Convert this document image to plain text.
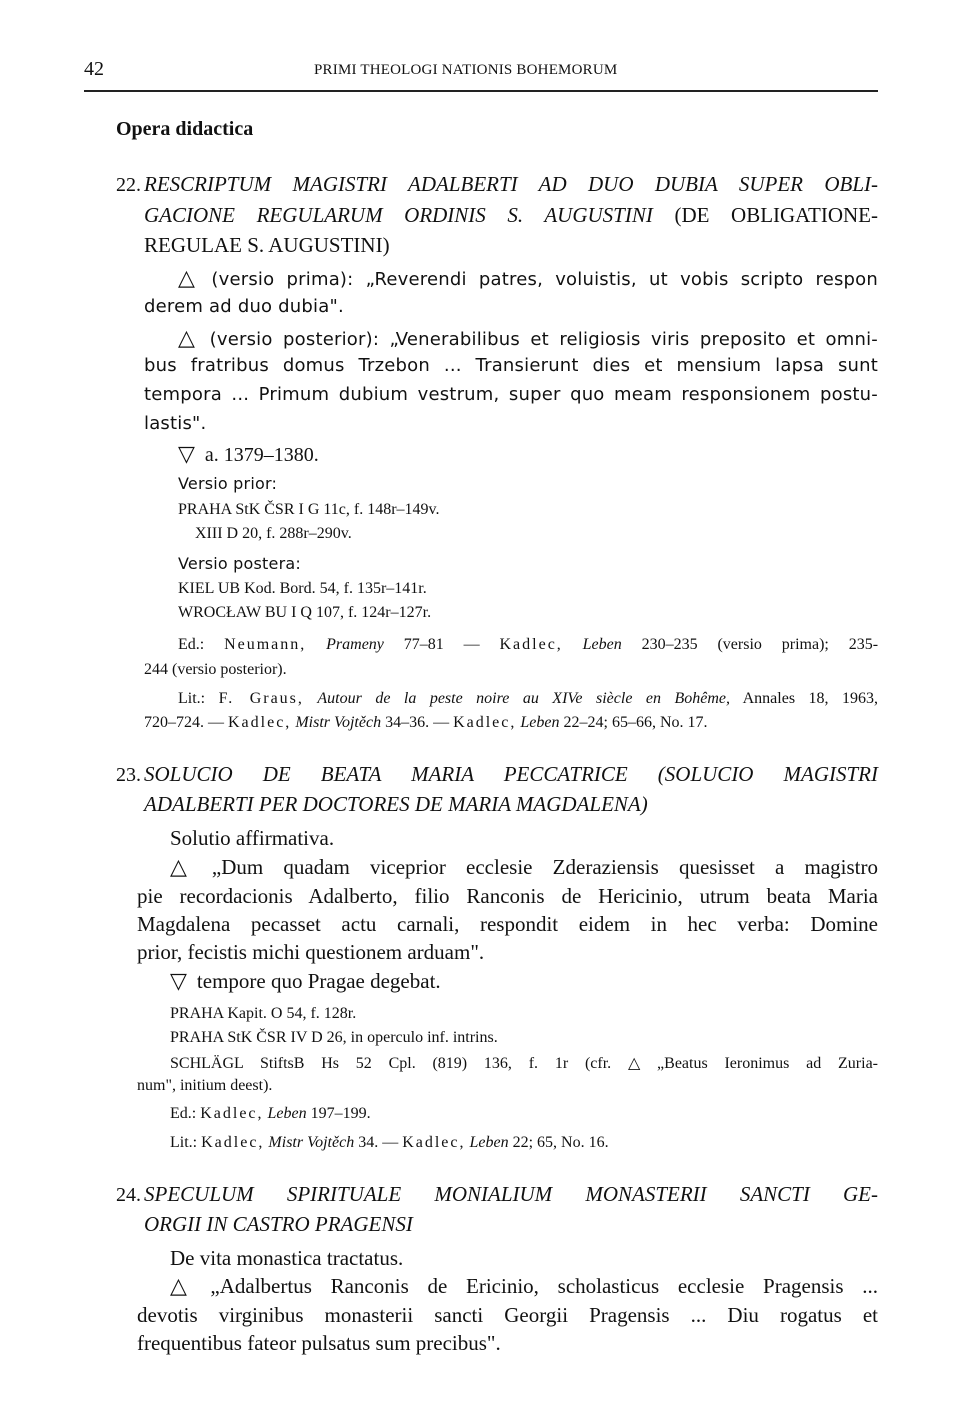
42	PRIMI THEOLOGI NATIONIS BOHEMORUM
Opera didactica
22. RESCRIPTUM MAGISTRI ADALBERTI AD DUO DUBIA SUPER OBLI-
GACIONE REGULARUM ORDINIS S. AUGUSTINI (DE OBLIGATIONE-
REGULAE S. AUGUSTINI)
△ (versio prima): „Reverendi patres, voluistis, ut vobis scripto respon
derem ad duo dubia".
△ (versio posterior): „Venerabilibus et religiosis viris preposito et omni-
bus fratribus domus Trzebon ... Transierunt dies et mensium lapsa sunt
tempora ... Primum dubium vestrum, super quo meam responsionem postu-
lastis".
▽ a. 1379–1380.
Versio prior:
PRAHA StK ČSR I G 11c, f. 148r–149v.
XIII D 20, f. 288r–290v.
Versio postera:
KIEL UB Kod. Bord. 54, f. 135r–141r.
WROCŁAW BU I Q 107, f. 124r–127r.
Ed.: Neumann, Prameny 77–81 — Kadlec, Leben 230–235 (versio prima); 235-
244 (versio posterior).
Lit.: F. Graus, Autour de la peste noire au XIVe siècle en Bohême, Annales 18, 1963,
720–724. — Kadlec, Mistr Vojtěch 34–36. — Kadlec, Leben 22–24; 65–66, No. 17.
23. SOLUCIO DE BEATA MARIA PECCATRICE (SOLUCIO MAGISTRI
ADALBERTI PER DOCTORES DE MARIA MAGDALENA)
Solutio affirmativa.
△ „Dum quadam viceprior ecclesie Zderaziensis quesisset a magistro
pie recordacionis Adalberto, filio Ranconis de Hericinio, utrum beata Maria
Magdalena pecasset actu carnali, respondit eidem in hec verba: Domine
prior, fecistis michi questionem arduam".
▽ tempore quo Pragae degebat.
PRAHA Kapit. O 54, f. 128r.
PRAHA StK ČSR IV D 26, in operculo inf. intrins.
SCHLÄGL StiftsB Hs 52 Cpl. (819) 136, f. 1r (cfr. △ „Beatus Ieronimus ad Zuria-
num", initium deest).
Ed.: Kadlec, Leben 197–199.
Lit.: Kadlec, Mistr Vojtěch 34. — Kadlec, Leben 22; 65, No. 16.
24. SPECULUM SPIRITUALE MONIALIUM MONASTERII SANCTI GE-
ORGII IN CASTRO PRAGENSI
De vita monastica tractatus.
△ „Adalbertus Ranconis de Ericinio, scholasticus ecclesie Pragensis ...
devotis virginibus monasterii sancti Georgii Pragensis ... Diu rogatus et
frequentibus fateor pulsatus sum precibus".
